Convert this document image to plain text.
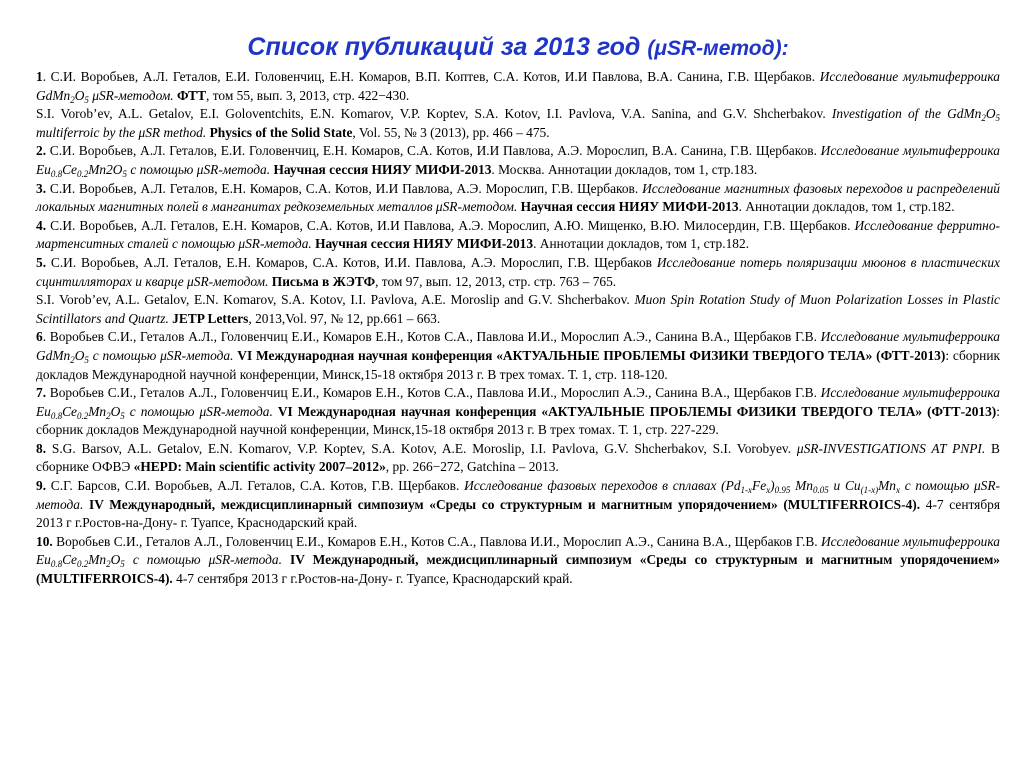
Список публикаций за 2013 год (μSR-метод):

1. С.И. Воробьев, А.Л. Геталов, Е.И. Головенчиц, Е.Н. Комаров, В.П. Коптев, С.А. Котов, И.И Павлова, В.А. Санина, Г.В. Щербаков. Исследование мультиферроика $GdMn_2O_5$ μSR-методом. ФТТ, том 55, вып. 3, 2013, стр. 422−430.

S.I. Vorob’ev, A.L. Getalov, E.I. Goloventchits, E.N. Komarov, V.P. Koptev, S.A. Kotov, I.I. Pavlova, V.A. Sanina, and G.V. Shcherbakov. Investigation of the $GdMn_2O_5$ multiferroic by the μSR method. Physics of the Solid State, Vol. 55, № 3 (2013), pp. 466 – 475.

2. С.И. Воробьев, А.Л. Геталов, Е.И. Головенчиц, Е.Н. Комаров, С.А. Котов, И.И Павлова, А.Э. Мороcлип, В.А. Санина, Г.В. Щербаков. Исследование мультиферроика $Eu_{0.8}Ce_{0.2}Mn2O_5$ с помощью μSR-метода. Научная сессия НИЯУ МИФИ-2013. Москва. Аннотации докладов, том 1, стр.183.

3. С.И. Воробьев, А.Л. Геталов, Е.Н. Комаров, С.А. Котов, И.И Павлова, А.Э. Мороcлип, Г.В. Щербаков. Исследование магнитных фазовых переходов и распределений локальных магнитных полей в манганитах редкоземельных металлов μSR-методом. Научная сессия НИЯУ МИФИ-2013. Аннотации докладов, том 1, стр.182.

4. С.И. Воробьев, А.Л. Геталов, Е.Н. Комаров, С.А. Котов, И.И Павлова, А.Э. Мороcлип, А.Ю. Мищенко, В.Ю. Милосердин, Г.В. Щербаков. Исследование ферритно-мартенситных сталей с помощью μSR-метода. Научная сессия НИЯУ МИФИ-2013. Аннотации докладов, том 1, стр.182.

5. С.И. Воробьев, А.Л. Геталов, Е.Н. Комаров, С.А. Котов, И.И. Павлова, А.Э. Мороcлип, Г.В. Щербаков Исследование потерь поляризации мюонов в пластических сцинтилляторах и кварце μSR-методом. Письма в ЖЭТФ, том 97, вып. 12, 2013, стр. стр. 763 – 765.

S.I. Vorob’ev, A.L. Getalov, E.N. Komarov, S.A. Kotov, I.I. Pavlova, A.E. Moroslip and G.V. Shcherbakov. Muon Spin Rotation Study of Muon Polarization Losses in Plastic Scintillators and Quartz. JETP Letters, 2013,Vol. 97, № 12, pp.661 – 663.

6. Воробьев С.И., Геталов А.Л., Головенчиц Е.И., Комаров Е.Н., Котов С.А., Павлова И.И., Мороcлип А.Э., Санина В.А., Щербаков Г.В. Исследование мультиферроика $GdMn_2O_5$ с помощью μSR-метода. VI Международная научная конференция «АКТУАЛЬНЫЕ ПРОБЛЕМЫ ФИЗИКИ ТВЕРДОГО ТЕЛА» (ФТТ-2013): сборник докладов Международной научной конференции, Минск,15-18 октября 2013 г. В трех томах. Т. 1, стр. 118-120.

7. Воробьев С.И., Геталов А.Л., Головенчиц Е.И., Комаров Е.Н., Котов С.А., Павлова И.И., Мороcлип А.Э., Санина В.А., Щербаков Г.В. Исследование мультиферроика $Eu_{0.8}Ce_{0.2}Mn_2O_5$ с помощью μSR-метода. VI Международная научная конференция «АКТУАЛЬНЫЕ ПРОБЛЕМЫ ФИЗИКИ ТВЕРДОГО ТЕЛА» (ФТТ-2013): сборник докладов Международной научной конференции, Минск,15-18 октября 2013 г. В трех томах. Т. 1, стр. 227-229.

8. S.G. Barsov, A.L. Getalov, E.N. Komarov, V.P. Koptev, S.A. Kotov, A.E. Moroslip, I.I. Pavlova, G.V. Shcherbakov, S.I. Vorobyev. μSR-INVESTIGATIONS AT PNPI. В сборнике ОФВЭ «HEPD: Main scientific activity 2007–2012», pp. 266−272, Gatchina – 2013.

9. С.Г. Барсов, С.И. Воробьев, А.Л. Геталов, С.А. Котов, Г.В. Щербаков. Исследование фазовых переходов в сплавах $(Pd_{1-x}Fe_x)_{0.95}$ $Mn_{0.05}$ и $Cu_{(1-x)}Mn_x$ с помощью μSR-метода. IV Международный, междисциплинарный симпозиум «Среды со структурным и магнитным упорядочением» (MULTIFERROICS-4). 4-7 сентября 2013 г г.Ростов-на-Дону- г. Туапсе, Краснодарский край.

10. Воробьев С.И., Геталов А.Л., Головенчиц Е.И., Комаров Е.Н., Котов С.А., Павлова И.И., Мороcлип А.Э., Санина В.А., Щербаков Г.В. Исследование мультиферроика $Eu_{0.8}Ce_{0.2}Mn_2O_5$ с помощью μSR-метода. IV Международный, междисциплинарный симпозиум «Среды со структурным и магнитным упорядочением» (MULTIFERROICS-4). 4-7 сентября 2013 г г.Ростов-на-Дону- г. Туапсе, Краснодарский край.
